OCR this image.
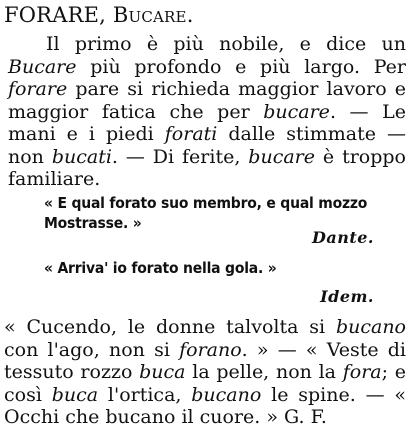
FORARE, Bucare.

Il primo è più nobile, e dice un Bucare più profondo e più largo. Per forare pare si richieda maggior lavoro e maggior fatica che per bucare. — Le mani e i piedi forati dalle stimmate — non bucati. — Di ferite, bucare è troppo familiare.

« E qual forato suo membro, e qual mozzo
Mostrasse. »
Dante.
« Arriva' io forato nella gola. »
Idem.

« Cucendo, le donne talvolta si bucano con l'ago, non si forano. » — « Veste di tessuto rozzo buca la pelle, non la fora; e così buca l'ortica, bucano le spine. — « Occhi che bucano il cuore. » G. F.
